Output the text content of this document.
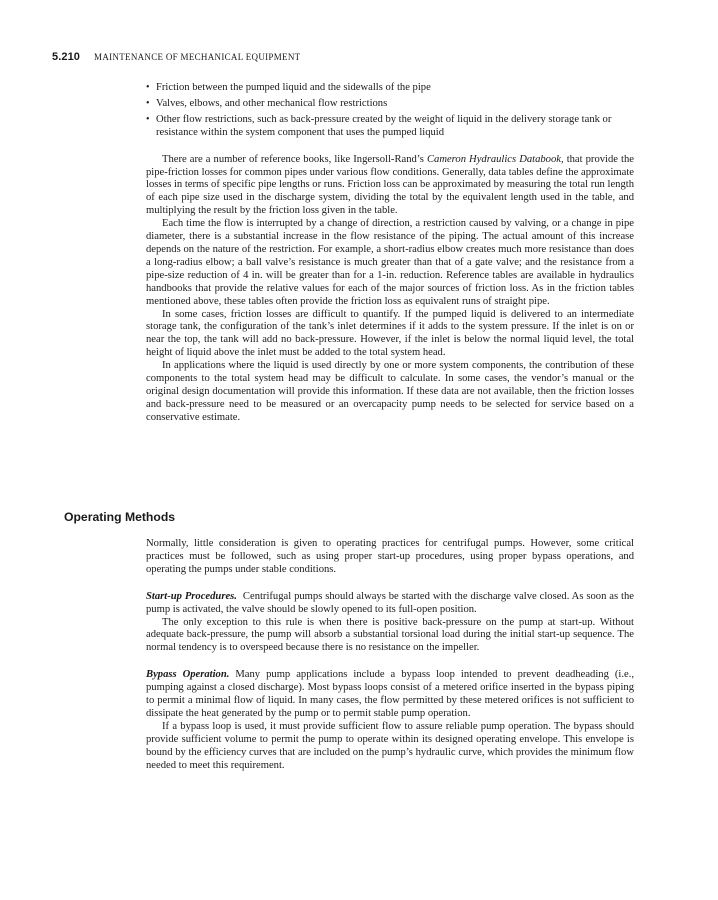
5.210 MAINTENANCE OF MECHANICAL EQUIPMENT
• Friction between the pumped liquid and the sidewalls of the pipe
• Valves, elbows, and other mechanical flow restrictions
• Other flow restrictions, such as back-pressure created by the weight of liquid in the delivery storage tank or resistance within the system component that uses the pumped liquid

There are a number of reference books, like Ingersoll-Rand’s Cameron Hydraulics Databook, that provide the pipe-friction losses for common pipes under various flow conditions. Generally, data tables define the approximate losses in terms of specific pipe lengths or runs. Friction loss can be approximated by measuring the total run length of each pipe size used in the discharge system, dividing the total by the equivalent length used in the table, and multiplying the result by the friction loss given in the table.

Each time the flow is interrupted by a change of direction, a restriction caused by valving, or a change in pipe diameter, there is a substantial increase in the flow resistance of the piping. The actual amount of this increase depends on the nature of the restriction. For example, a short-radius elbow creates much more resistance than does a long-radius elbow; a ball valve’s resistance is much greater than that of a gate valve; and the resistance from a pipe-size reduction of 4 in. will be greater than for a 1-in. reduction. Reference tables are available in hydraulics handbooks that provide the relative values for each of the major sources of friction loss. As in the friction tables mentioned above, these tables often provide the friction loss as equivalent runs of straight pipe.

In some cases, friction losses are difficult to quantify. If the pumped liquid is delivered to an intermediate storage tank, the configuration of the tank’s inlet determines if it adds to the system pressure. If the inlet is on or near the top, the tank will add no back-pressure. However, if the inlet is below the normal liquid level, the total height of liquid above the inlet must be added to the total system head.

In applications where the liquid is used directly by one or more system components, the contribution of these components to the total system head may be difficult to calculate. In some cases, the vendor’s manual or the original design documentation will provide this information. If these data are not available, then the friction losses and back-pressure need to be measured or an overcapacity pump needs to be selected for service based on a conservative estimate.

Operating Methods

Normally, little consideration is given to operating practices for centrifugal pumps. However, some critical practices must be followed, such as using proper start-up procedures, using proper bypass operations, and operating the pumps under stable conditions.

Start-up Procedures. Centrifugal pumps should always be started with the discharge valve closed. As soon as the pump is activated, the valve should be slowly opened to its full-open position.

The only exception to this rule is when there is positive back-pressure on the pump at start-up. Without adequate back-pressure, the pump will absorb a substantial torsional load during the initial start-up sequence. The normal tendency is to overspeed because there is no resistance on the impeller.

Bypass Operation. Many pump applications include a bypass loop intended to prevent deadheading (i.e., pumping against a closed discharge). Most bypass loops consist of a metered orifice inserted in the bypass piping to permit a minimal flow of liquid. In many cases, the flow permitted by these metered orifices is not sufficient to dissipate the heat generated by the pump or to permit stable pump operation.

If a bypass loop is used, it must provide sufficient flow to assure reliable pump operation. The bypass should provide sufficient volume to permit the pump to operate within its designed operating envelope. This envelope is bound by the efficiency curves that are included on the pump’s hydraulic curve, which provides the minimum flow needed to meet this requirement.
